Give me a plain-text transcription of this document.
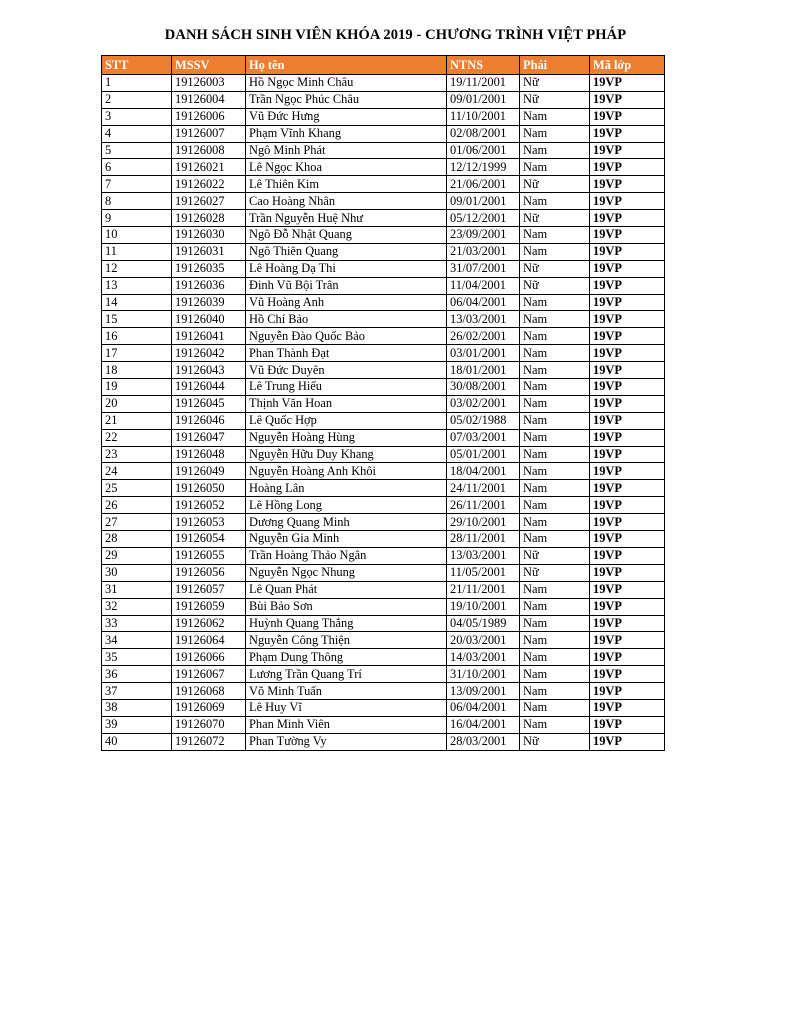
DANH SÁCH SINH VIÊN KHÓA 2019 - CHƯƠNG TRÌNH VIỆT PHÁP
STT	MSSV	Họ tên	NTNS	Phái	Mã lớp
1	19126003	Hồ Ngọc Minh Châu	19/11/2001	Nữ	19VP
2	19126004	Trần Ngọc Phúc Châu	09/01/2001	Nữ	19VP
3	19126006	Vũ Đức Hưng	11/10/2001	Nam	19VP
4	19126007	Phạm Vĩnh Khang	02/08/2001	Nam	19VP
5	19126008	Ngô Minh Phát	01/06/2001	Nam	19VP
6	19126021	Lê Ngọc Khoa	12/12/1999	Nam	19VP
7	19126022	Lê Thiên Kim	21/06/2001	Nữ	19VP
8	19126027	Cao Hoàng Nhân	09/01/2001	Nam	19VP
9	19126028	Trần Nguyễn Huệ Như	05/12/2001	Nữ	19VP
10	19126030	Ngô Đỗ Nhật Quang	23/09/2001	Nam	19VP
11	19126031	Ngô Thiên Quang	21/03/2001	Nam	19VP
12	19126035	Lê Hoàng Dạ Thi	31/07/2001	Nữ	19VP
13	19126036	Đinh Vũ Bội Trân	11/04/2001	Nữ	19VP
14	19126039	Vũ Hoàng Anh	06/04/2001	Nam	19VP
15	19126040	Hồ Chí Bảo	13/03/2001	Nam	19VP
16	19126041	Nguyễn Đào Quốc Bảo	26/02/2001	Nam	19VP
17	19126042	Phan Thành Đạt	03/01/2001	Nam	19VP
18	19126043	Vũ Đức Duyên	18/01/2001	Nam	19VP
19	19126044	Lê Trung Hiếu	30/08/2001	Nam	19VP
20	19126045	Thịnh Văn Hoan	03/02/2001	Nam	19VP
21	19126046	Lê Quốc Hợp	05/02/1988	Nam	19VP
22	19126047	Nguyễn Hoàng Hùng	07/03/2001	Nam	19VP
23	19126048	Nguyễn Hữu Duy Khang	05/01/2001	Nam	19VP
24	19126049	Nguyễn Hoàng Anh Khôi	18/04/2001	Nam	19VP
25	19126050	Hoàng Lân	24/11/2001	Nam	19VP
26	19126052	Lê Hồng Long	26/11/2001	Nam	19VP
27	19126053	Dương Quang Minh	29/10/2001	Nam	19VP
28	19126054	Nguyễn Gia Minh	28/11/2001	Nam	19VP
29	19126055	Trần Hoàng Thảo Ngân	13/03/2001	Nữ	19VP
30	19126056	Nguyễn Ngọc Nhung	11/05/2001	Nữ	19VP
31	19126057	Lê Quan Phát	21/11/2001	Nam	19VP
32	19126059	Bùi Bảo Sơn	19/10/2001	Nam	19VP
33	19126062	Huỳnh Quang Thắng	04/05/1989	Nam	19VP
34	19126064	Nguyễn Công Thiện	20/03/2001	Nam	19VP
35	19126066	Phạm Dung Thông	14/03/2001	Nam	19VP
36	19126067	Lương Trần Quang Trí	31/10/2001	Nam	19VP
37	19126068	Võ Minh Tuấn	13/09/2001	Nam	19VP
38	19126069	Lê Huy Vĩ	06/04/2001	Nam	19VP
39	19126070	Phan Minh Viên	16/04/2001	Nam	19VP
40	19126072	Phan Tường Vy	28/03/2001	Nữ	19VP
